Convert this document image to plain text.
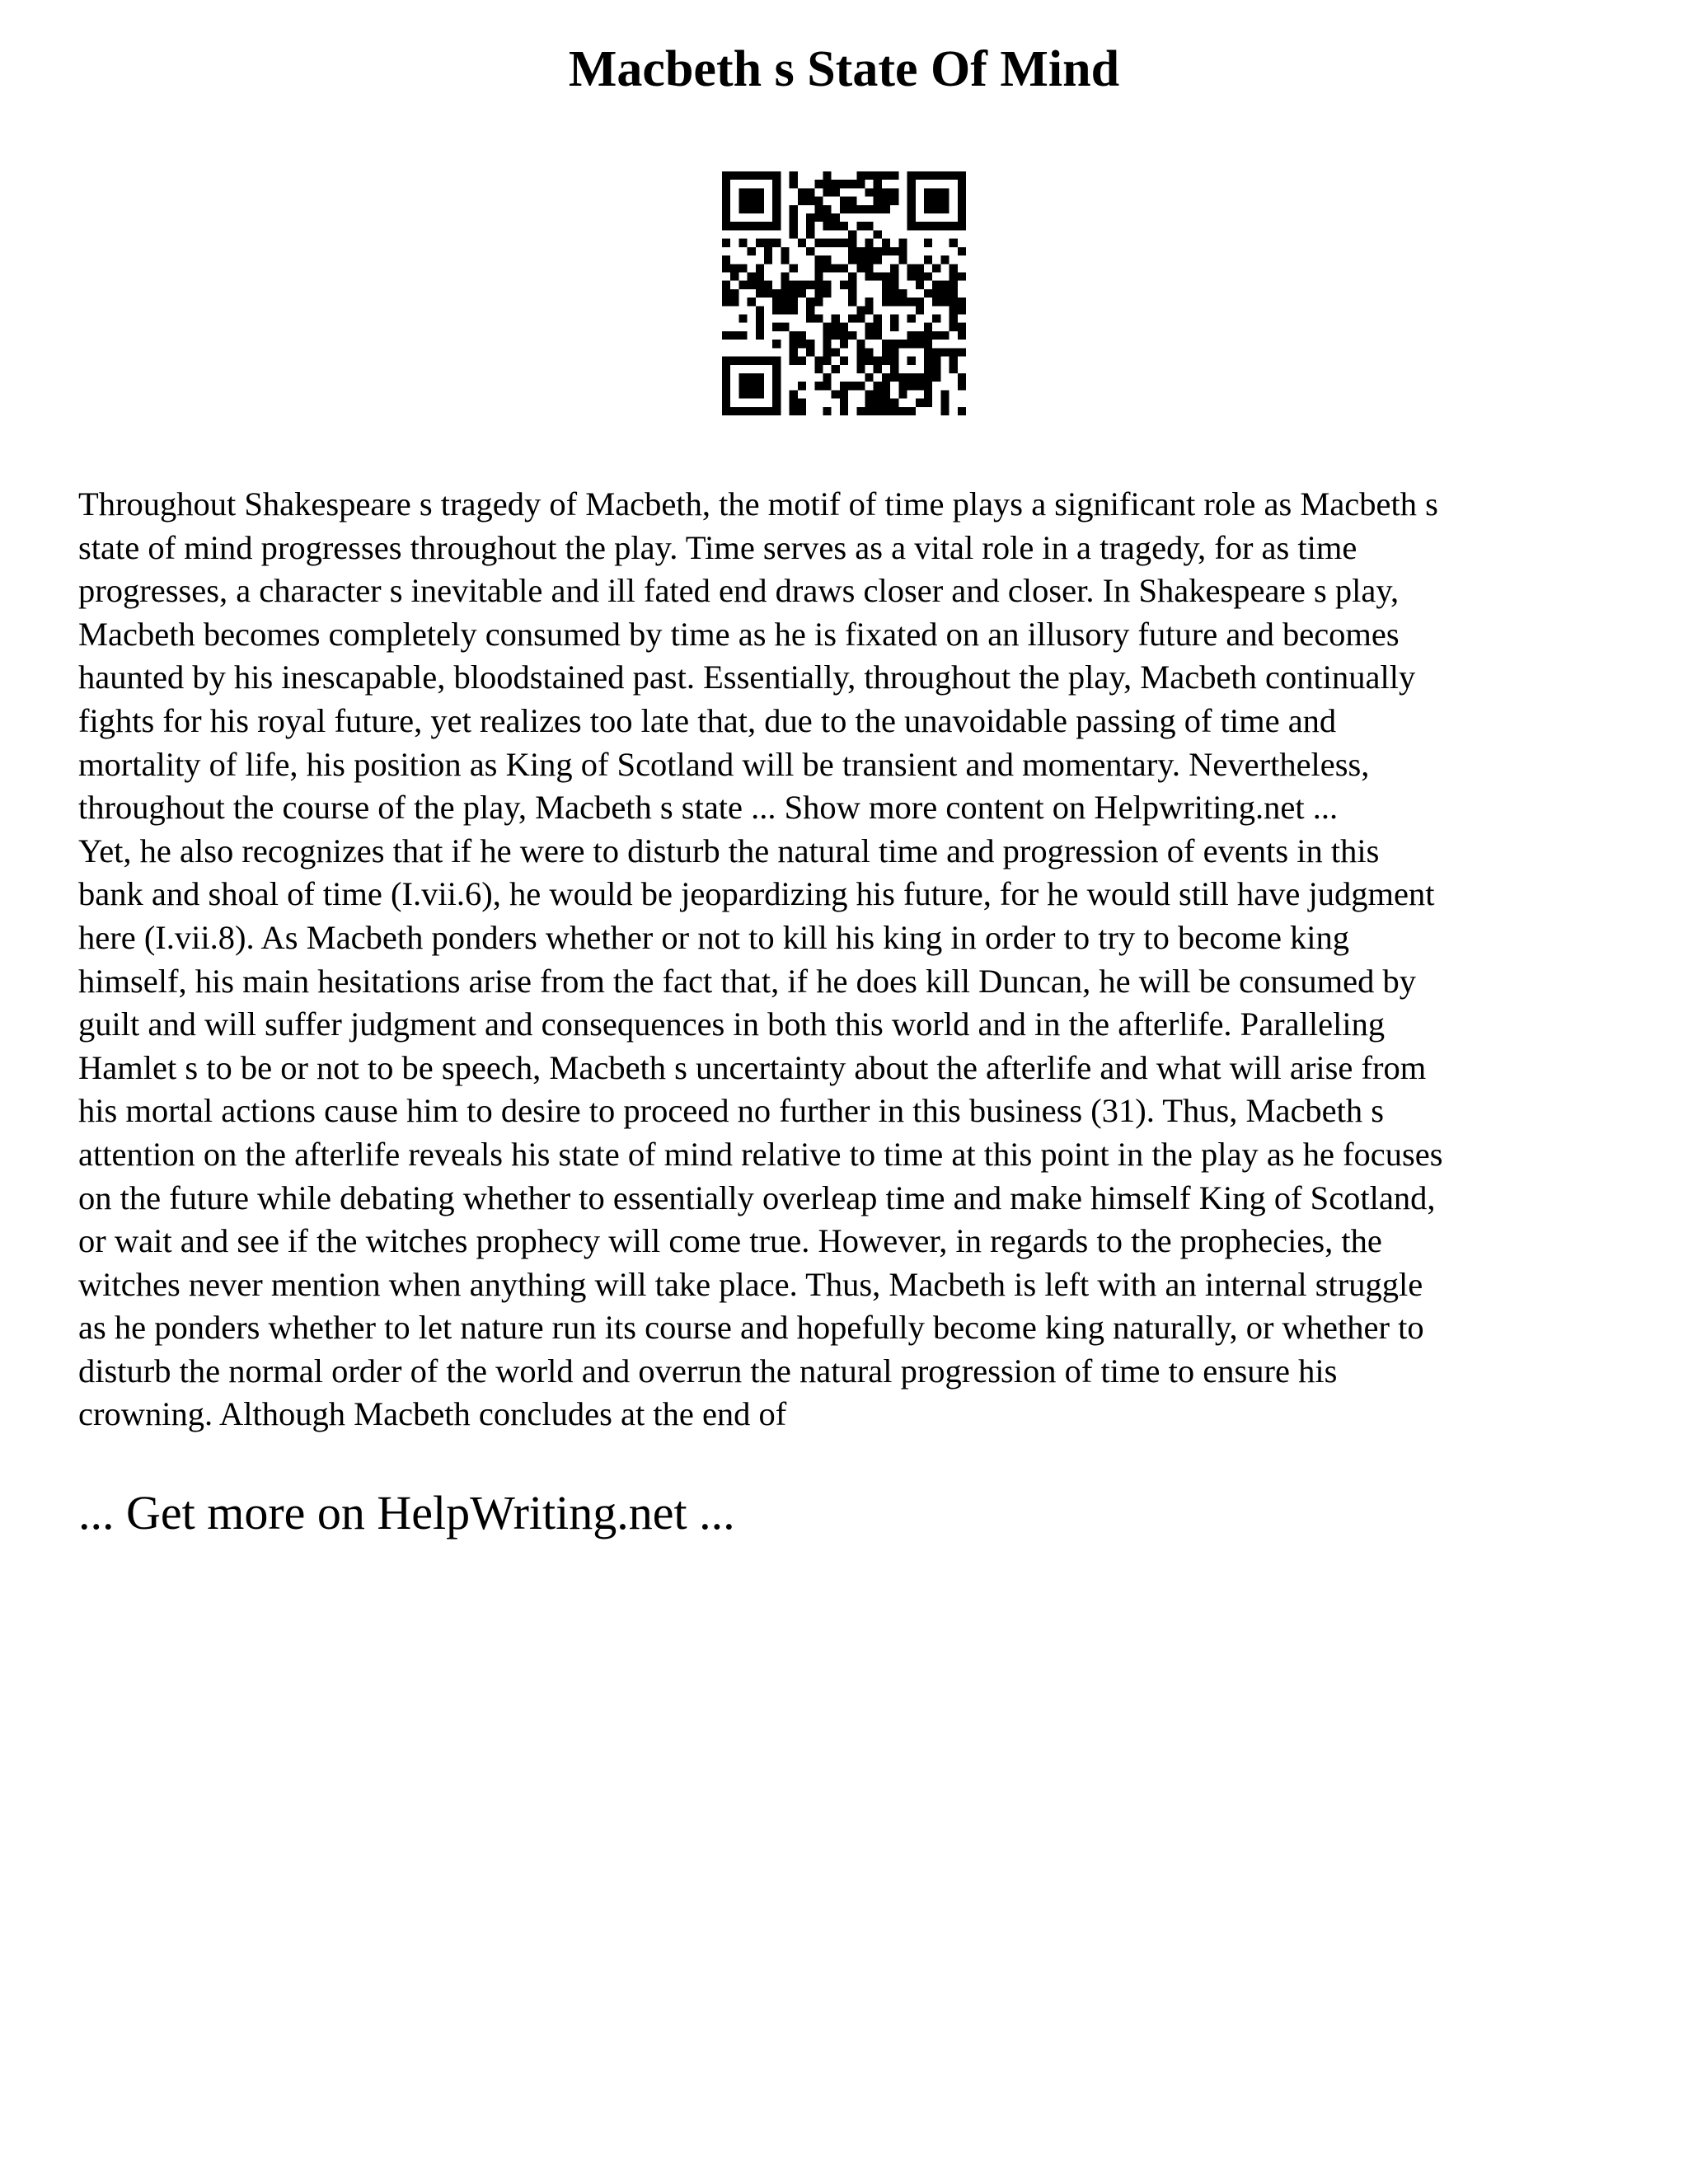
Macbeth s State Of Mind

Throughout Shakespeare s tragedy of Macbeth, the motif of time plays a significant role as Macbeth s
state of mind progresses throughout the play. Time serves as a vital role in a tragedy, for as time
progresses, a character s inevitable and ill fated end draws closer and closer. In Shakespeare s play,
Macbeth becomes completely consumed by time as he is fixated on an illusory future and becomes
haunted by his inescapable, bloodstained past. Essentially, throughout the play, Macbeth continually
fights for his royal future, yet realizes too late that, due to the unavoidable passing of time and
mortality of life, his position as King of Scotland will be transient and momentary. Nevertheless,
throughout the course of the play, Macbeth s state ... Show more content on Helpwriting.net ...
Yet, he also recognizes that if he were to disturb the natural time and progression of events in this
bank and shoal of time (I.vii.6), he would be jeopardizing his future, for he would still have judgment
here (I.vii.8). As Macbeth ponders whether or not to kill his king in order to try to become king
himself, his main hesitations arise from the fact that, if he does kill Duncan, he will be consumed by
guilt and will suffer judgment and consequences in both this world and in the afterlife. Paralleling
Hamlet s to be or not to be speech, Macbeth s uncertainty about the afterlife and what will arise from
his mortal actions cause him to desire to proceed no further in this business (31). Thus, Macbeth s
attention on the afterlife reveals his state of mind relative to time at this point in the play as he focuses
on the future while debating whether to essentially overleap time and make himself King of Scotland,
or wait and see if the witches prophecy will come true. However, in regards to the prophecies, the
witches never mention when anything will take place. Thus, Macbeth is left with an internal struggle
as he ponders whether to let nature run its course and hopefully become king naturally, or whether to
disturb the normal order of the world and overrun the natural progression of time to ensure his
crowning. Although Macbeth concludes at the end of

... Get more on HelpWriting.net ...
